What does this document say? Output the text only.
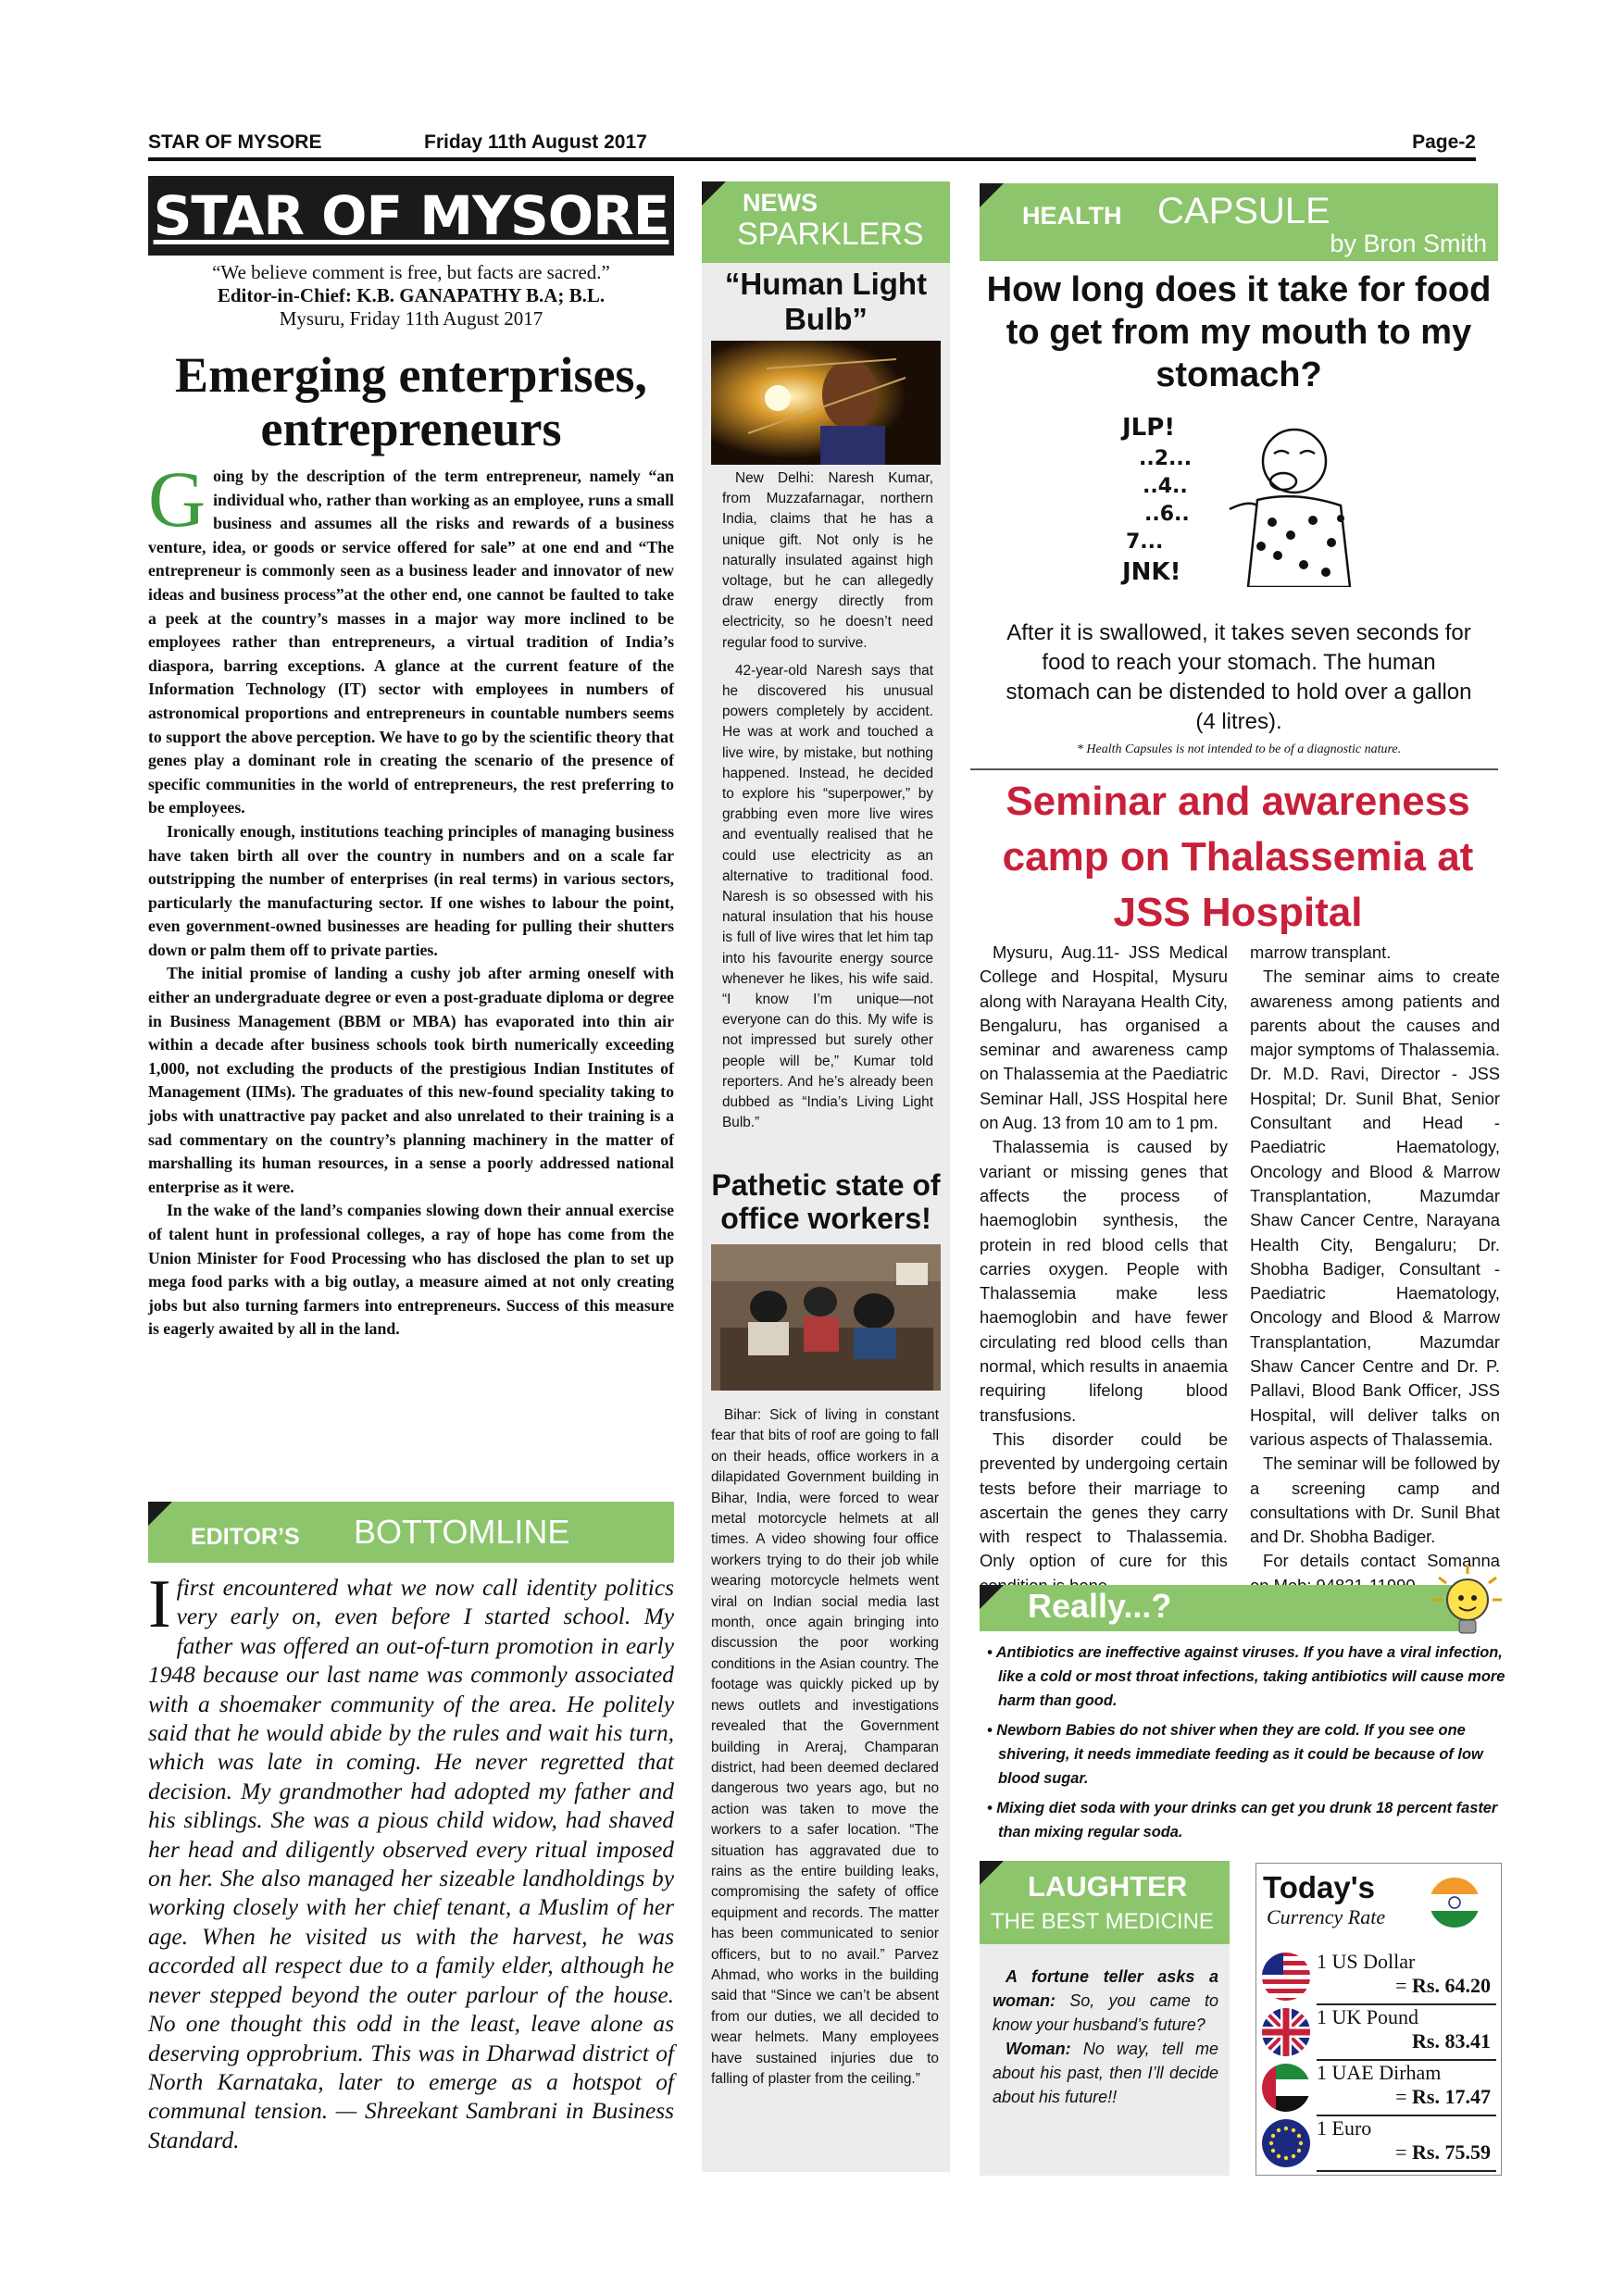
STAR OF MYSORE	Friday 11th August 2017	Page-2
STAR OF MYSORE
“We believe comment is free, but facts are sacred.”
Editor-in-Chief: K.B. GANAPATHY B.A; B.L.
Mysuru, Friday 11th August 2017
Emerging enterprises, entrepreneurs

Going by the description of the term entrepreneur, namely “an individual who, rather than working as an employee, runs a small business and assumes all the risks and rewards of a business venture, idea, or goods or service offered for sale” at one end and “The entrepreneur is commonly seen as a business leader and innovator of new ideas and business process”at the other end, one cannot be faulted to take a peek at the country’s masses in a major way more inclined to be employees rather than entrepreneurs, a virtual tradition of India’s diaspora, barring exceptions. A glance at the current feature of the Information Technology (IT) sector with employees in numbers of astronomical proportions and entrepreneurs in countable numbers seems to support the above perception. We have to go by the scientific theory that genes play a dominant role in creating the scenario of the presence of specific communities in the world of entrepreneurs, the rest preferring to be employees.

Ironically enough, institutions teaching principles of managing business have taken birth all over the country in numbers and on a scale far outstripping the number of enterprises (in real terms) in various sectors, particularly the manufacturing sector. If one wishes to labour the point, even government-owned businesses are heading for pulling their shutters down or palm them off to private parties.

The initial promise of landing a cushy job after arming oneself with either an undergraduate degree or even a post-graduate diploma or degree in Business Management (BBM or MBA) has evaporated into thin air within a decade after business schools took birth numerically exceeding 1,000, not excluding the products of the prestigious Indian Institutes of Management (IIMs). The graduates of this new-found speciality taking to jobs with unattractive pay packet and also unrelated to their training is a sad commentary on the country’s planning machinery in the matter of marshalling its human resources, in a sense a poorly addressed national enterprise as it were.

In the wake of the land’s companies slowing down their annual exercise of talent hunt in professional colleges, a ray of hope has come from the Union Minister for Food Processing who has disclosed the plan to set up mega food parks with a big outlay, a measure aimed at not only creating jobs but also turning farmers into entrepreneurs. Success of this measure is eagerly awaited by all in the land.

EDITOR’S BOTTOMLINE
Ifirst encountered what we now call identity politics very early on, even before I started school. My father was offered an out-of-turn promotion in early 1948 because our last name was commonly associated with a shoemaker community of the area. He politely said that he would abide by the rules and wait his turn, which was late in coming. He never regretted that decision. My grandmother had adopted my father and his siblings. She was a pious child widow, had shaved her head and diligently observed every ritual imposed on her. She also managed her sizeable landholdings by working closely with her chief tenant, a Muslim of her age. When he visited us with the harvest, he was accorded all respect due to a family elder, although he never stepped beyond the outer parlour of the house. No one thought this odd in the least, leave alone as deserving opprobrium. This was in Dharwad district of North Karnataka, later to emerge as a hotspot of communal tension. — Shreekant Sambrani in Business Standard.
NEWS
SPARKLERS
“Human Light Bulb”

New Delhi: Naresh Kumar, from Muzzafarnagar, northern India, claims that he has a unique gift. Not only is he naturally insulated against high voltage, but he can allegedly draw energy directly from electricity, so he doesn’t need regular food to survive.

42-year-old Naresh says that he discovered his unusual powers completely by accident. He was at work and touched a live wire, by mistake, but nothing happened. Instead, he decided to explore his “superpower,” by grabbing even more live wires and eventually realised that he could use electricity as an alternative to traditional food. Naresh is so obsessed with his natural insulation that his house is full of live wires that let him tap into his favourite energy source whenever he likes, his wife said. “I know I’m unique—not everyone can do this. My wife is not impressed but surely other people will be,” Kumar told reporters. And he’s already been dubbed as “India’s Living Light Bulb.”

Pathetic state of office workers!

Bihar: Sick of living in constant fear that bits of roof are going to fall on their heads, office workers in a dilapidated Government building in Bihar, India, were forced to wear metal motorcycle helmets at all times. A video showing four office workers trying to do their job while wearing motorcycle helmets went viral on Indian social media last month, once again bringing into discussion the poor working conditions in the Asian country. The footage was quickly picked up by news outlets and investigations revealed that the Government building in Areraj, Champaran district, had been deemed declared dangerous two years ago, but no action was taken to move the workers to a safer location. “The situation has aggravated due to rains as the entire building leaks, compromising the safety of office equipment and records. The matter has been communicated to senior officers, but to no avail.” Parvez Ahmad, who works in the building said that “Since we can’t be absent from our duties, we all decided to wear helmets. Many employees have sustained injuries due to falling of plaster from the ceiling.”

HEALTH CAPSULE
by Bron Smith
How long does it take for food to get from my mouth to my stomach?
JLP!
..2...
..4..
..6..
7...
JNK!
After it is swallowed, it takes seven seconds for food to reach your stomach. The human stomach can be distended to hold over a gallon (4 litres).
* Health Capsules is not intended to be of a diagnostic nature.
Seminar and awareness camp on Thalassemia at JSS Hospital

Mysuru, Aug.11- JSS Medical College and Hospital, Mysuru along with Narayana Health City, Bengaluru, has organised a seminar and awareness camp on Thalassemia at the Paediatric Seminar Hall, JSS Hospital here on Aug. 13 from 10 am to 1 pm.

Thalassemia is caused by variant or missing genes that affects the process of haemoglobin synthesis, the protein in red blood cells that carries oxygen. People with Thalassemia make less haemoglobin and have fewer circulating red blood cells than normal, which results in anaemia requiring lifelong blood transfusions.

This disorder could be prevented by undergoing certain tests before their marriage to ascertain the genes they carry with respect to Thalassemia. Only option of cure for this

marrow transplant.

The seminar aims to create awareness among patients and parents about the causes and major symptoms of Thalassemia. Dr. M.D. Ravi, Director - JSS Hospital; Dr. Sunil Bhat, Senior Consultant and Head - Paediatric Haematology, Oncology and Blood & Marrow Transplantation, Mazumdar Shaw Cancer Centre, Narayana Health City, Bengaluru; Dr. Shobha Badiger, Consultant - Paediatric Haematology, Oncology and Blood & Marrow Transplantation, Mazumdar Shaw Cancer Centre and Dr. P. Pallavi, Blood Bank Officer, JSS Hospital, will deliver talks on various aspects of Thalassemia.

The seminar will be followed by a screening camp and consultations with Dr. Sunil Bhat and Dr. Shobha Badiger.

For details contact Somanna

Really...?
• Antibiotics are ineffective against viruses. If you have a viral infection, like a cold or most throat infections, taking antibiotics will cause more harm than good.
• Newborn Babies do not shiver when they are cold. If you see one shivering, it needs immediate feeding as it could be because of low blood sugar.
• Mixing diet soda with your drinks can get you drunk 18 percent faster than mixing regular soda.
LAUGHTER
THE BEST MEDICINE

A fortune teller asks a woman: So, you came to know your husband’s future?

Woman: No way, tell me about his past, then I’ll decide about his future!!

Today's
Currency Rate
1 US Dollar
= Rs. 64.20
1 UK Pound
Rs. 83.41
1 UAE Dirham
= Rs. 17.47
1 Euro
= Rs. 75.59
